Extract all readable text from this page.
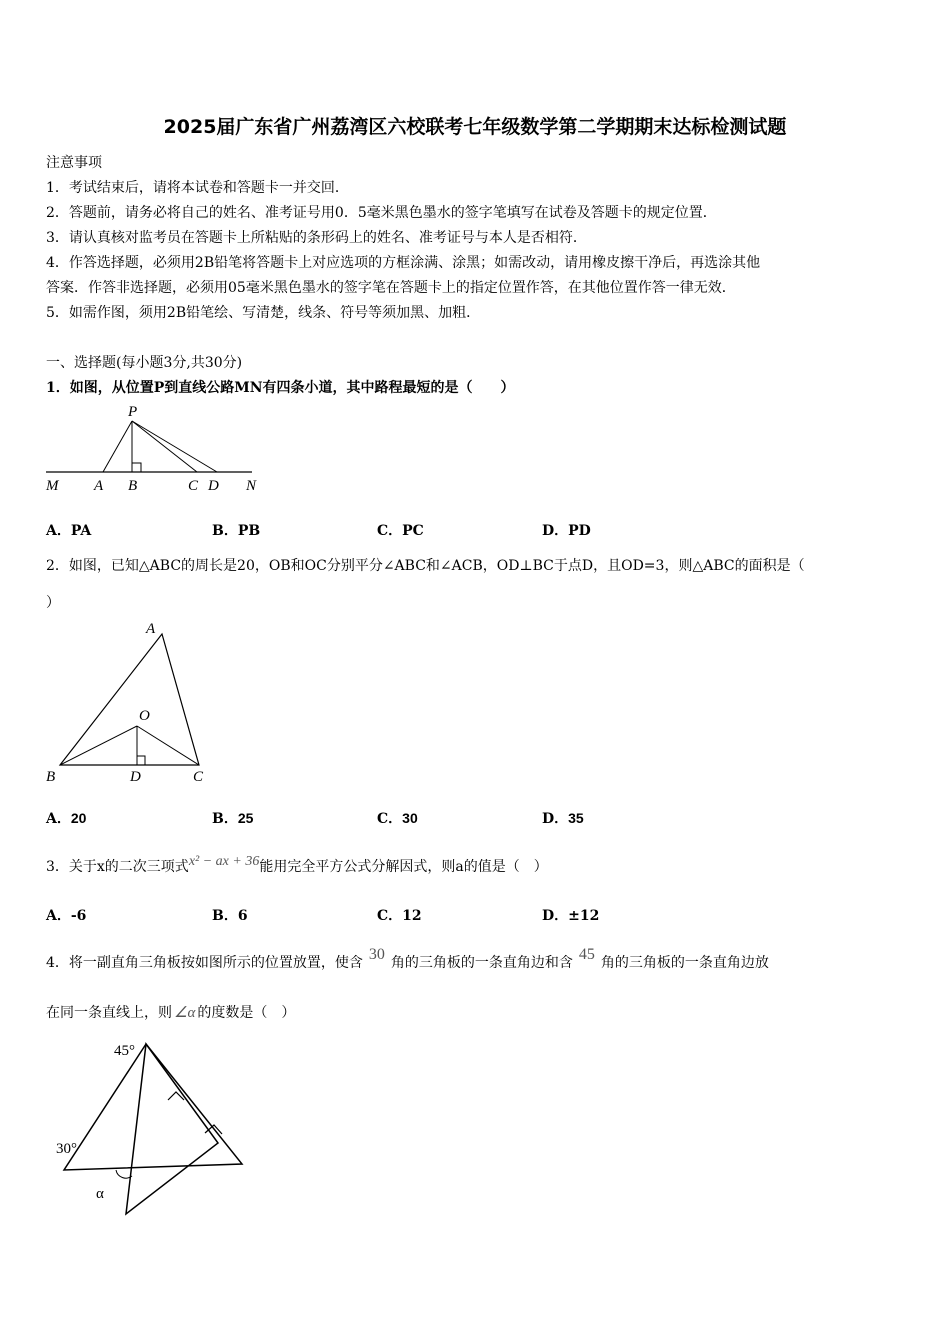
2025届广东省广州荔湾区六校联考七年级数学第二学期期末达标检测试题
注意事项
1．考试结束后，请将本试卷和答题卡一并交回．
2．答题前，请务必将自己的姓名、准考证号用0．5毫米黑色墨水的签字笔填写在试卷及答题卡的规定位置．
3．请认真核对监考员在答题卡上所粘贴的条形码上的姓名、准考证号与本人是否相符．
4．作答选择题，必须用2B铅笔将答题卡上对应选项的方框涂满、涂黑；如需改动，请用橡皮擦干净后，再选涂其他
答案．作答非选择题，必须用05毫米黑色墨水的签字笔在答题卡上的指定位置作答，在其他位置作答一律无效．
5．如需作图，须用2B铅笔绘、写清楚，线条、符号等须加黑、加粗．
一、选择题(每小题3分,共30分)
1．如图，从位置P到直线公路MN有四条小道，其中路程最短的是（　　）
P
M A B	C D N
A．PA	B．PB	C．PC	D．PD
2．如图，已知△ABC的周长是20，OB和OC分别平分∠ABC和∠ACB，OD⊥BC于点D，且OD=3，则△ABC的面积是（
）
A
O
B	D	C
A．20	B．25	C．30	D．35
3．关于x的二次三项式x² − ax + 36能用完全平方公式分解因式，则a的值是（　）
A．-6	B．6	C．12	D．±12
4．将一副直角三角板按如图所示的位置放置，使含 30 角的三角板的一条直角边和含 45 角的三角板的一条直角边放
在同一条直线上，则 ∠α 的度数是（　）
45°
30°
α
